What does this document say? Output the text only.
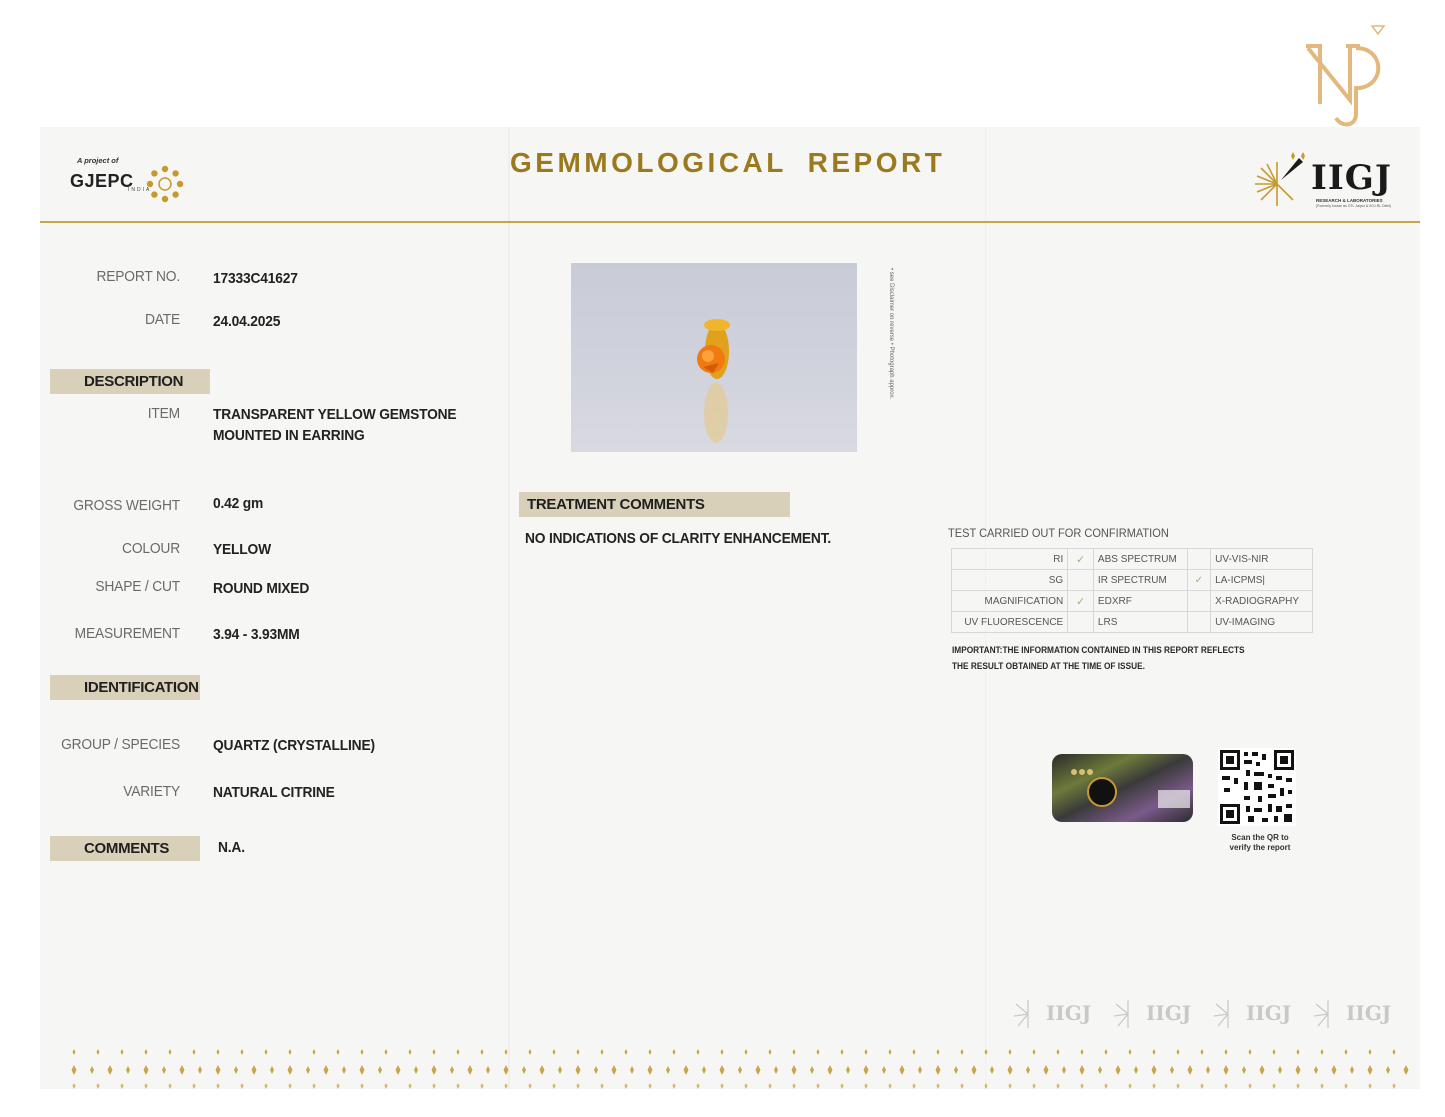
A project of
GJEPC
INDIA
GEMMOLOGICAL REPORT	IIGJ
RESEARCH & LABORATORIES
(Formerly known as GTL Jaipur & IIGJ-RL Delhi)
REPORT NO. 17333C41627
DATE 24.04.2025
DESCRIPTION
ITEM TRANSPARENT YELLOW GEMSTONE
MOUNTED IN EARRING
GROSS WEIGHT 0.42 gm
COLOUR YELLOW
SHAPE / CUT ROUND MIXED
MEASUREMENT 3.94 - 3.93MM
IDENTIFICATION
GROUP / SPECIES QUARTZ (CRYSTALLINE)
VARIETY NATURAL CITRINE
COMMENTS	N.A.
• see Disclaimer on reverse • Photograph approx.
TREATMENT COMMENTS
NO INDICATIONS OF CLARITY ENHANCEMENT.	TEST CARRIED OUT FOR CONFIRMATION
RI	✓	ABS SPECTRUM		UV-VIS-NIR
SG		IR SPECTRUM	✓	LA-ICPMS|
MAGNIFICATION	✓	EDXRF		X-RADIOGRAPHY
UV FLUORESCENCE		LRS		UV-IMAGING
IMPORTANT:THE INFORMATION CONTAINED IN THIS REPORT REFLECTS THE RESULT OBTAINED AT THE TIME OF ISSUE.
Scan the QR to
verify the report
IIGJ	IIGJ	IIGJ	IIGJ
